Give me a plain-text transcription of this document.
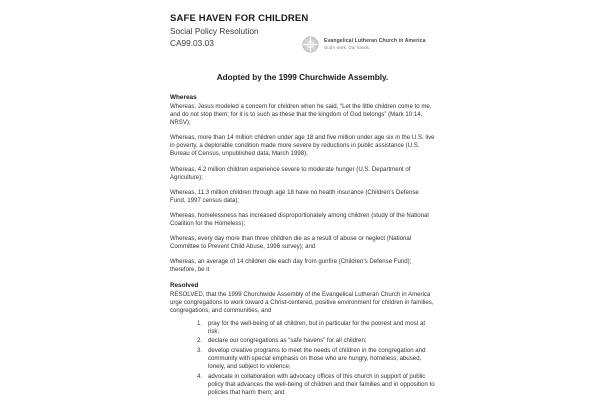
SAFE HAVEN FOR CHILDREN
Social Policy Resolution
CA99.03.03	Evangelical Lutheran Church in America
God's work. Our hands.
Adopted by the 1999 Churchwide Assembly.
Whereas

Whereas, Jesus modeled a concern for children when he said, “Let the little children come to me, and do not stop them; for it is to such as these that the kingdom of God belongs” (Mark 10:14, NRSV);

Whereas, more than 14 million children under age 18 and five million under age six in the U.S. live in poverty, a deplorable condition made more severe by reductions in public assistance (U.S. Bureau of Census, unpublished data, March 1998);

Whereas, 4.2 million children experience severe to moderate hunger (U.S. Department of Agriculture);

Whereas, 11.3 million children through age 18 have no health insurance (Children’s Defense Fund, 1997 census data);

Whereas, homelessness has increased disproportionately among children (study of the National Coalition for the Homeless);

Whereas, every day more than three children die as a result of abuse or neglect (National Committee to Prevent Child Abuse, 1996 survey); and

Whereas, an average of 14 children die each day from gunfire (Children’s Defense Fund); therefore, be it

Resolved

RESOLVED, that the 1999 Churchwide Assembly of the Evangelical Lutheran Church in America urge congregations to work toward a Christ-centered, positive environment for children in families, congregations, and communities, and

pray for the well-being of all children, but in particular for the poorest and most at risk;
declare our congregations as “safe havens” for all children;
develop creative programs to meet the needs of children in the congregation and community with special emphasis on those who are hungry, homeless, abused, lonely, and subject to violence;
advocate in collaboration with advocacy offices of this church in support of public policy that advances the well-being of children and their families and in opposition to policies that harm them; and
